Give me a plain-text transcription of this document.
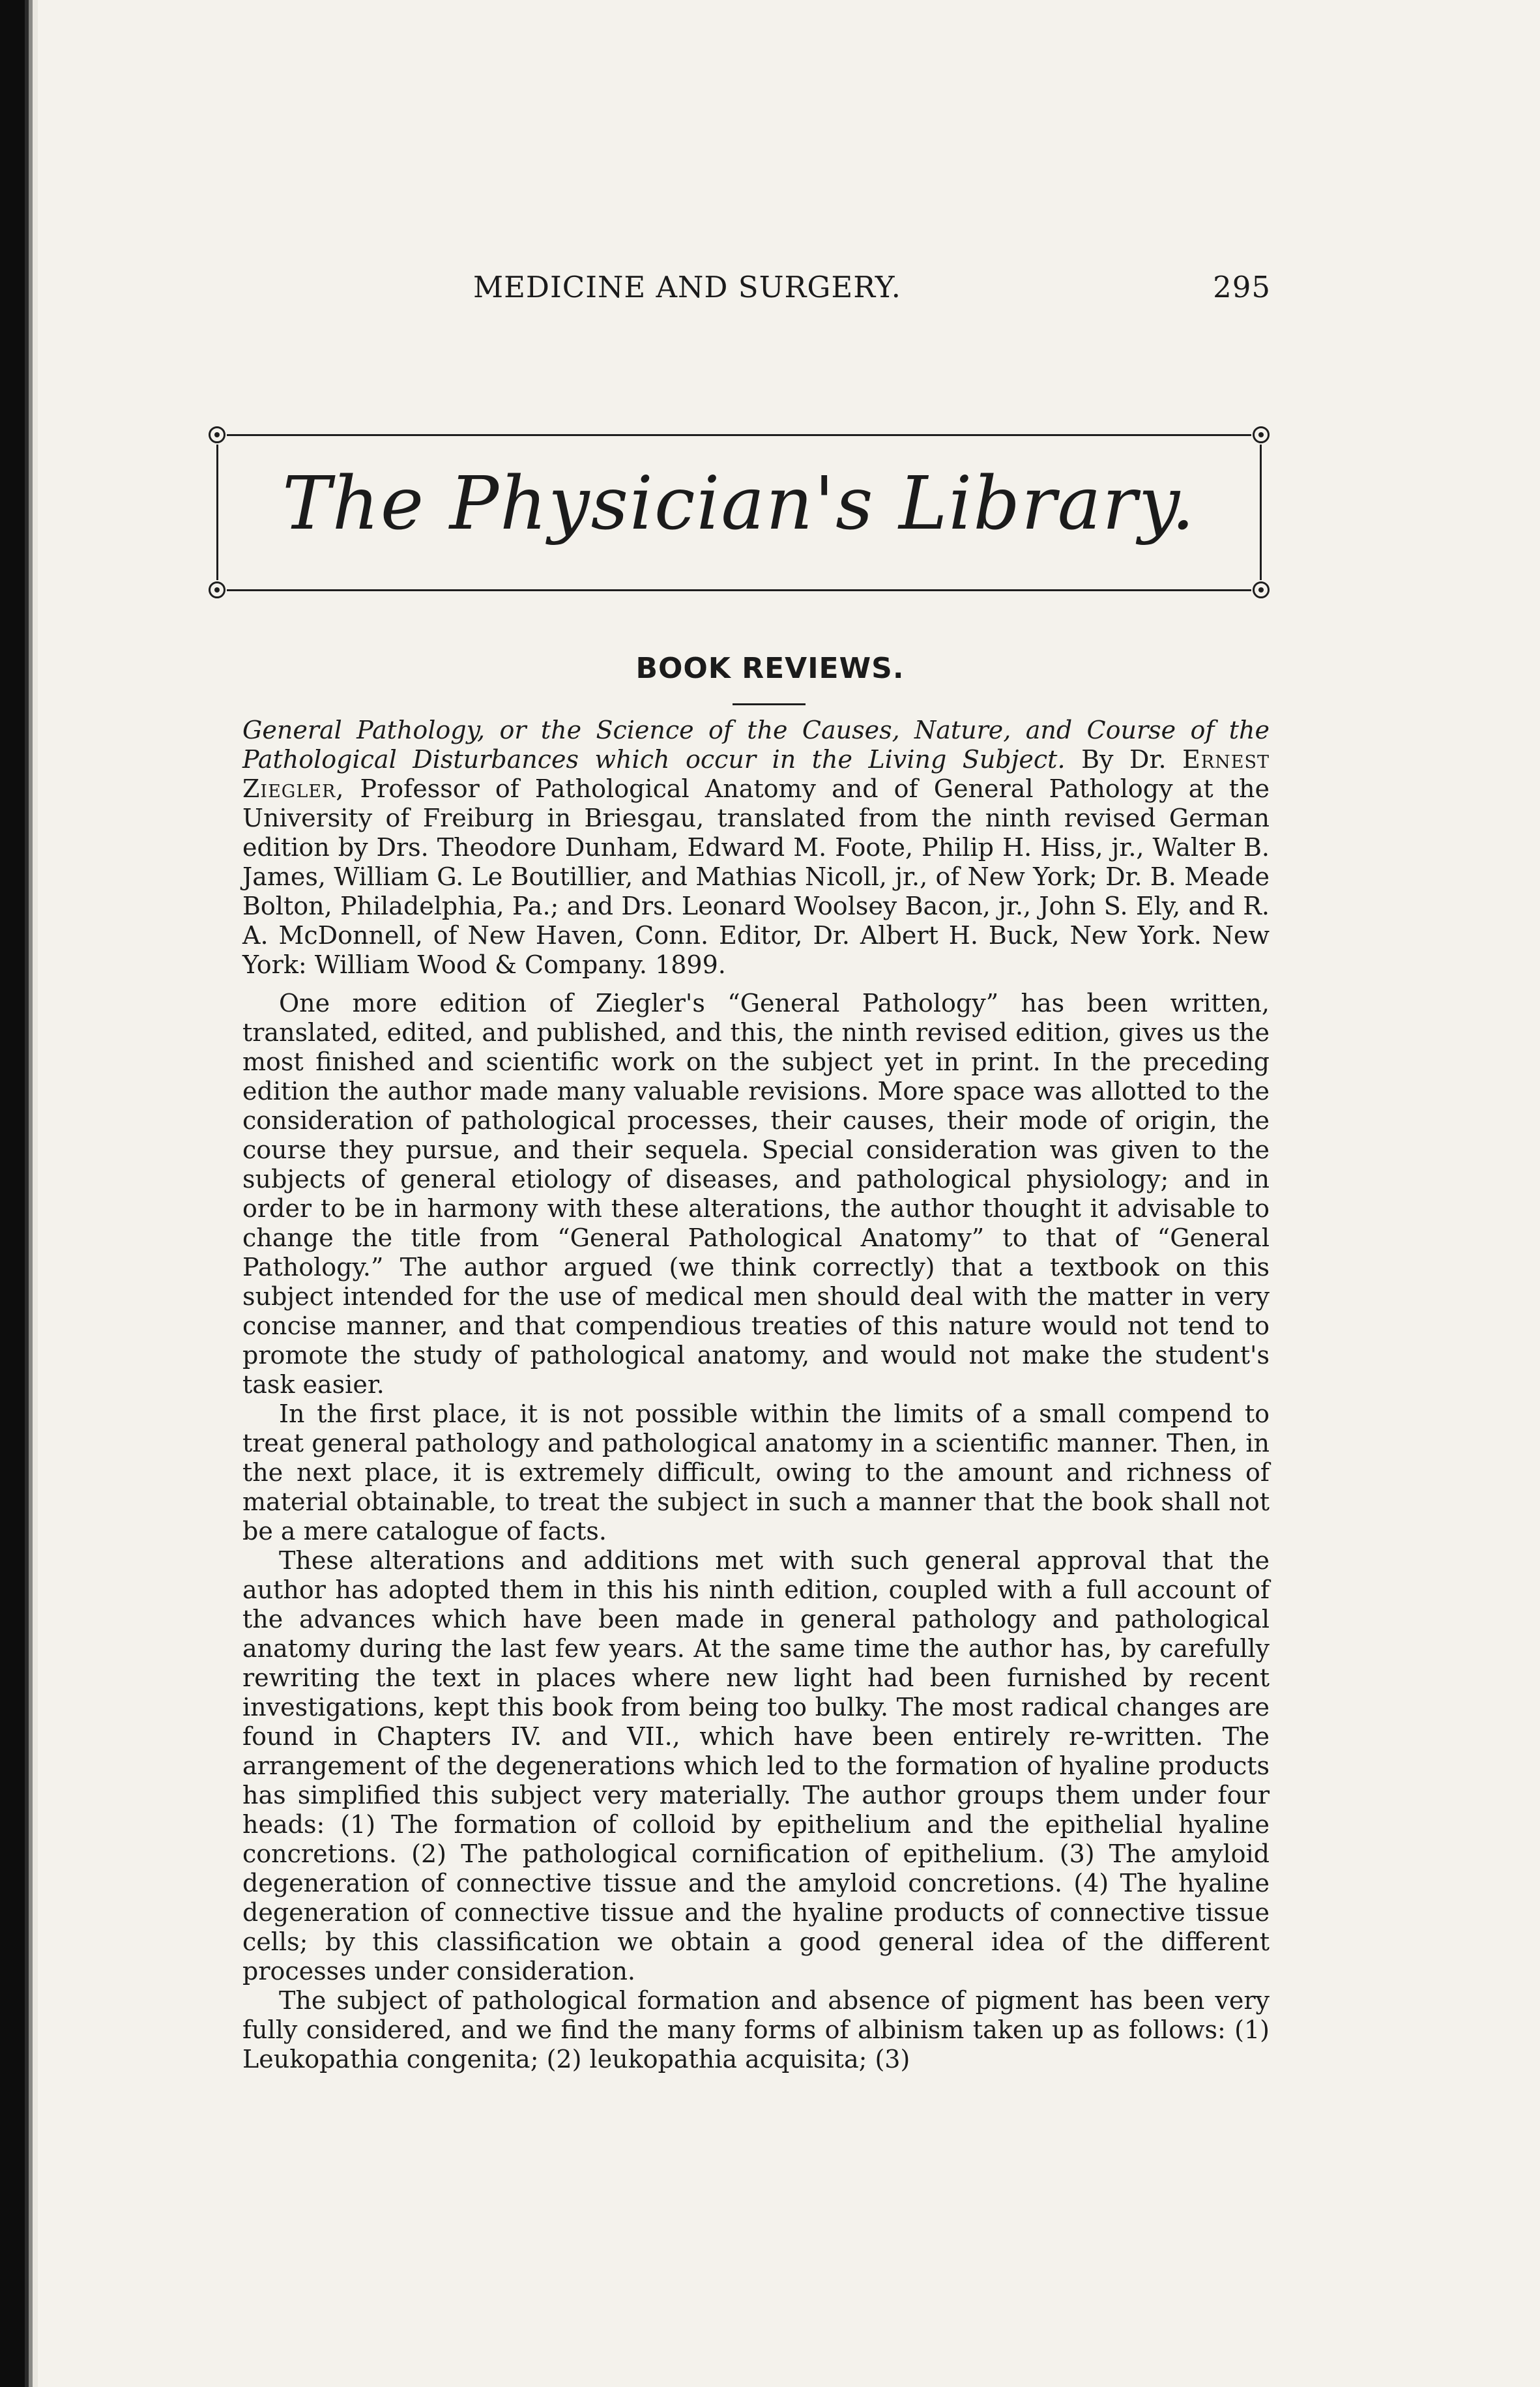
MEDICINE AND SURGERY.	295
The Physician's Library.
BOOK REVIEWS.

General Pathology, or the Science of the Causes, Nature, and Course of the Pathological Disturbances which occur in the Living Subject. By Dr. Ernest Ziegler, Professor of Pathological Anatomy and of General Pathology at the University of Freiburg in Briesgau, translated from the ninth revised German edition by Drs. Theodore Dunham, Edward M. Foote, Philip H. Hiss, jr., Walter B. James, William G. Le Boutillier, and Mathias Nicoll, jr., of New York; Dr. B. Meade Bolton, Philadelphia, Pa.; and Drs. Leonard Woolsey Bacon, jr., John S. Ely, and R. A. McDonnell, of New Haven, Conn. Editor, Dr. Albert H. Buck, New York. New York: William Wood & Company. 1899.

One more edition of Ziegler's “General Pathology” has been written, translated, edited, and published, and this, the ninth revised edition, gives us the most finished and scientific work on the subject yet in print. In the preceding edition the author made many valuable revisions. More space was allotted to the consideration of pathological processes, their causes, their mode of origin, the course they pursue, and their sequela. Special consideration was given to the subjects of general etiology of diseases, and pathological physiology; and in order to be in harmony with these alterations, the author thought it advisable to change the title from “General Pathological Anatomy” to that of “General Pathology.” The author argued (we think correctly) that a textbook on this subject intended for the use of medical men should deal with the matter in very concise manner, and that compendious treaties of this nature would not tend to promote the study of pathological anatomy, and would not make the student's task easier.

In the first place, it is not possible within the limits of a small compend to treat general pathology and pathological anatomy in a scientific manner. Then, in the next place, it is extremely difficult, owing to the amount and richness of material obtainable, to treat the subject in such a manner that the book shall not be a mere catalogue of facts.

These alterations and additions met with such general approval that the author has adopted them in this his ninth edition, coupled with a full account of the advances which have been made in general pathology and pathological anatomy during the last few years. At the same time the author has, by carefully rewriting the text in places where new light had been furnished by recent investigations, kept this book from being too bulky. The most radical changes are found in Chapters IV. and VII., which have been entirely re-written. The arrangement of the degenerations which led to the formation of hyaline products has simplified this subject very materially. The author groups them under four heads: (1) The formation of colloid by epithelium and the epithelial hyaline concretions. (2) The pathological cornification of epithelium. (3) The amyloid degeneration of connective tissue and the amyloid concretions. (4) The hyaline degeneration of connective tissue and the hyaline products of connective tissue cells; by this classification we obtain a good general idea of the different processes under consideration.

The subject of pathological formation and absence of pigment has been very fully considered, and we find the many forms of albinism taken up as follows: (1) Leukopathia congenita; (2) leukopathia acquisita; (3)
